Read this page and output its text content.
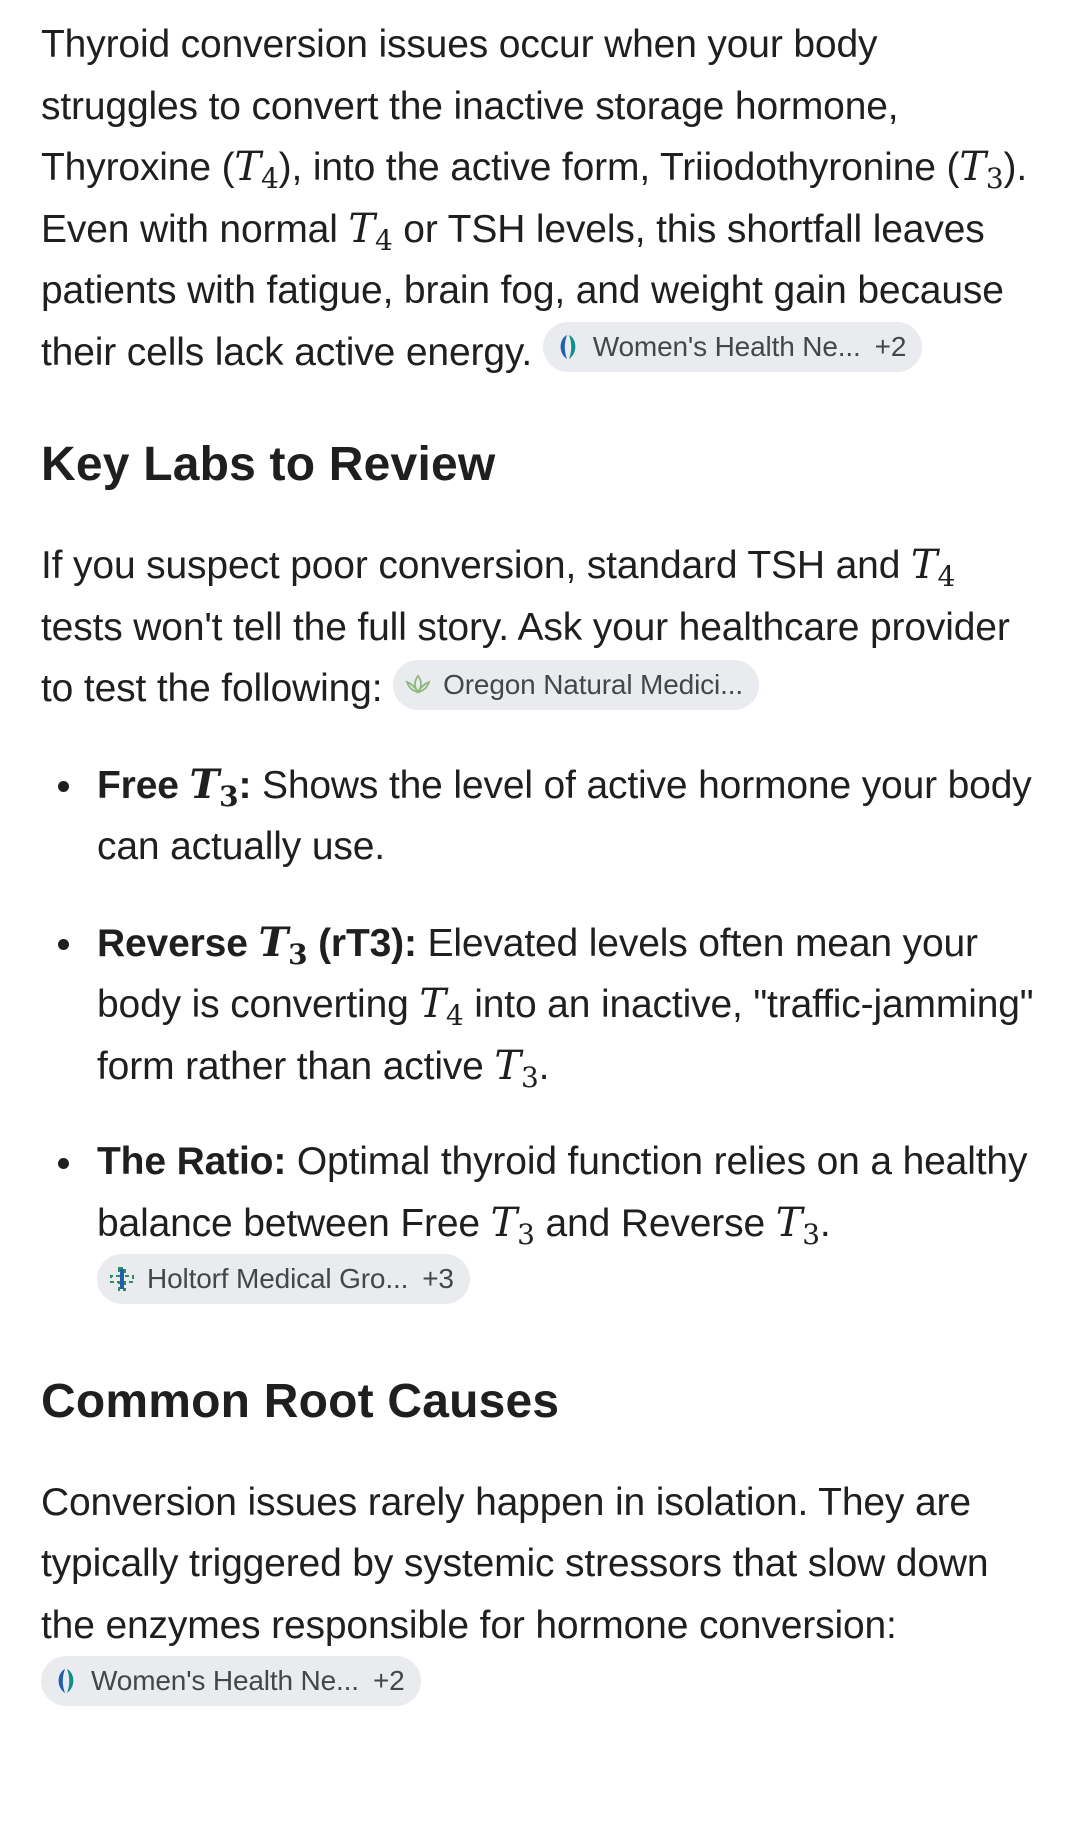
Thyroid conversion issues occur when your body struggles to convert the inactive storage hormone, Thyroxine $(T_4)$, into the active form, Triiodothyronine $(T_3)$. Even with normal $T_4$ or TSH levels, this shortfall leaves patients with fatigue, brain fog, and weight gain because their cells lack active energy. Women's Health Ne... +2

Key Labs to Review

If you suspect poor conversion, standard TSH and $T_4$ tests won't tell the full story. Ask your healthcare provider to test the following: Oregon Natural Medici...

Free $T_3$: Shows the level of active hormone your body can actually use.
Reverse $T_3$ (rT3): Elevated levels often mean your body is converting $T_4$ into an inactive, "traffic-jamming" form rather than active $T_3$.
The Ratio: Optimal thyroid function relies on a healthy balance between Free $T_3$ and Reverse $T_3$.
Holtorf Medical Gro... +3
Common Root Causes

Conversion issues rarely happen in isolation. They are typically triggered by systemic stressors that slow down the enzymes responsible for hormone conversion:
Women's Health Ne... +2
